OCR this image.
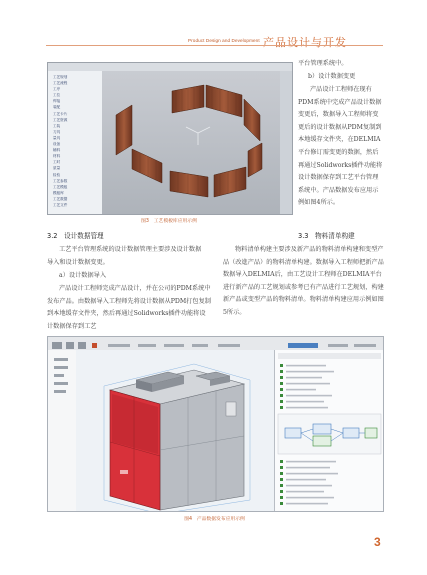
Product Design and Development 产品设计与开发
工艺规划
工艺流程
工序
工位
焊接
装配
工艺卡片
工艺资源
工装
刀具
量具
设备
辅料
材料
工时
质量
检验
工艺参数
工艺模板
模板库
工艺数据
工艺文件
图3　工艺模板库应用示例
3.2　设计数据管理
工艺平台管理系统的设计数据管理主要涉及设计数据导入和设计数据变更。
a）设计数据导入
产品设计工程师完成产品设计，并在公司的PDM系统中发布产品。由数据导入工程师先将设计数据从PDM打包复制到本地缓存文件夹，然后再通过Solidworks插件功能将设计数据保存到工艺
平台管理系统中。
b）设计数据变更
产品设计工程师在现有PDM系统中完成产品设计数据变更后，数据导入工程师将变更后的设计数据从PDM复制到本地缓存文件夹，在DELMIA平台修订需变更的数据，然后再通过Solidworks插件功能将设计数据保存到工艺平台管理系统中。产品数据发布应用示例如图4所示。
3.3　物料清单构建
物料清单构建主要涉及新产品的物料清单构建和变型产品（改進产品）的物料清单构建。数据导入工程师把新产品数据导入DELMIA后，由工艺设计工程师在DELMIA平台进行新产品的工艺规划或参考已有产品进行工艺规划，构建新产品或变型产品的物料清单。物料清单构建应用示例如图5所示。
图4　产品数据发布应用示例
3
